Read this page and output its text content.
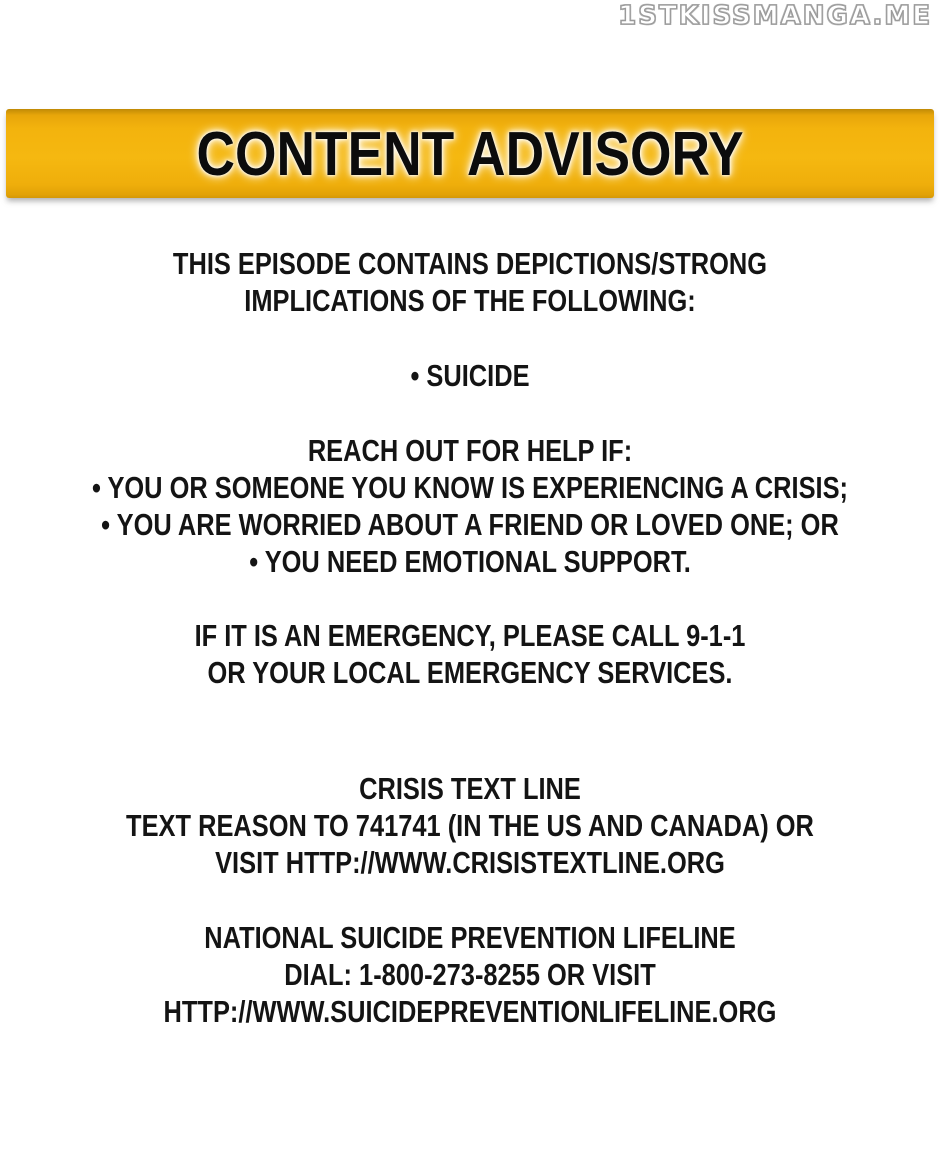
1STKISSMANGA.ME
CONTENT ADVISORY
THIS EPISODE CONTAINS DEPICTIONS/STRONG
IMPLICATIONS OF THE FOLLOWING:
• SUICIDE
REACH OUT FOR HELP IF:
• YOU OR SOMEONE YOU KNOW IS EXPERIENCING A CRISIS;
• YOU ARE WORRIED ABOUT A FRIEND OR LOVED ONE; OR
• YOU NEED EMOTIONAL SUPPORT.
IF IT IS AN EMERGENCY, PLEASE CALL 9-1-1
OR YOUR LOCAL EMERGENCY SERVICES.
CRISIS TEXT LINE
TEXT REASON TO 741741 (IN THE US AND CANADA) OR
VISIT HTTP://WWW.CRISISTEXTLINE.ORG
NATIONAL SUICIDE PREVENTION LIFELINE
DIAL: 1-800-273-8255 OR VISIT
HTTP://WWW.SUICIDEPREVENTIONLIFELINE.ORG
